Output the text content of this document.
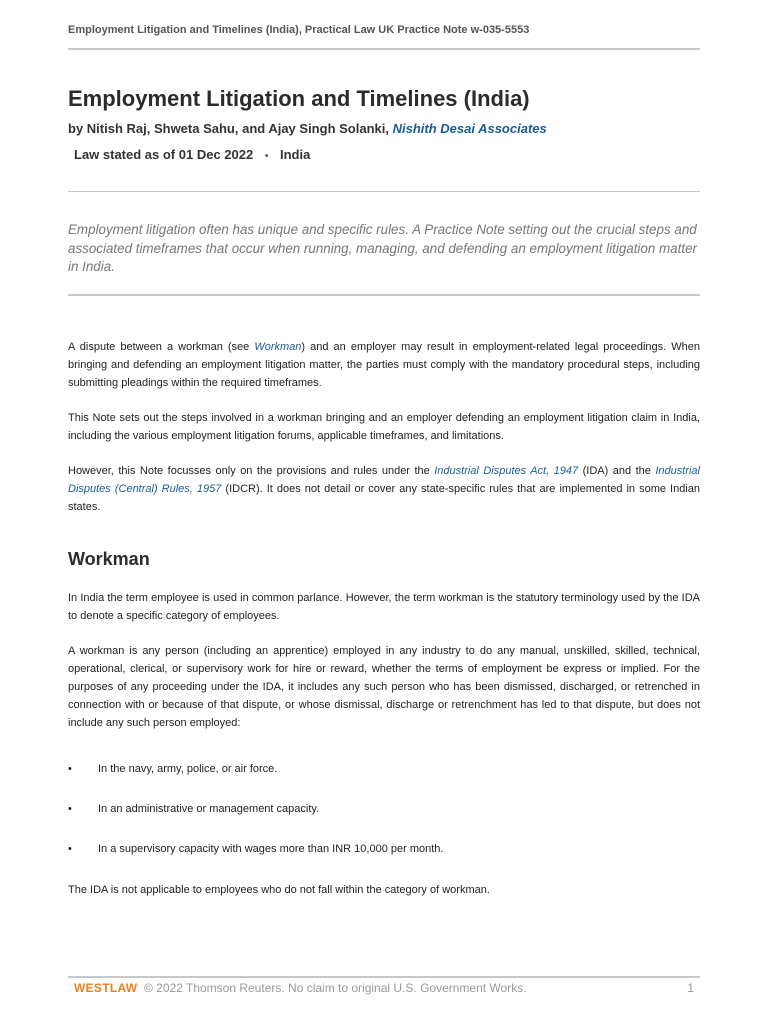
Employment Litigation and Timelines (India), Practical Law UK Practice Note w-035-5553
Employment Litigation and Timelines (India)
by Nitish Raj, Shweta Sahu, and Ajay Singh Solanki, Nishith Desai Associates
Law stated as of 01 Dec 2022 • India

Employment litigation often has unique and specific rules. A Practice Note setting out the crucial steps and associated timeframes that occur when running, managing, and defending an employment litigation matter in India.

A dispute between a workman (see Workman) and an employer may result in employment-related legal proceedings. When bringing and defending an employment litigation matter, the parties must comply with the mandatory procedural steps, including submitting pleadings within the required timeframes.

This Note sets out the steps involved in a workman bringing and an employer defending an employment litigation claim in India, including the various employment litigation forums, applicable timeframes, and limitations.

However, this Note focusses only on the provisions and rules under the Industrial Disputes Act, 1947 (IDA) and the Industrial Disputes (Central) Rules, 1957 (IDCR). It does not detail or cover any state-specific rules that are implemented in some Indian states.

Workman

In India the term employee is used in common parlance. However, the term workman is the statutory terminology used by the IDA to denote a specific category of employees.

A workman is any person (including an apprentice) employed in any industry to do any manual, unskilled, skilled, technical, operational, clerical, or supervisory work for hire or reward, whether the terms of employment be express or implied. For the purposes of any proceeding under the IDA, it includes any such person who has been dismissed, discharged, or retrenched in connection with or because of that dispute, or whose dismissal, discharge or retrenchment has led to that dispute, but does not include any such person employed:

• In the navy, army, police, or air force.
• In an administrative or management capacity.
• In a supervisory capacity with wages more than INR 10,000 per month.

The IDA is not applicable to employees who do not fall within the category of workman.

WESTLAW © 2022 Thomson Reuters. No claim to original U.S. Government Works.	1
